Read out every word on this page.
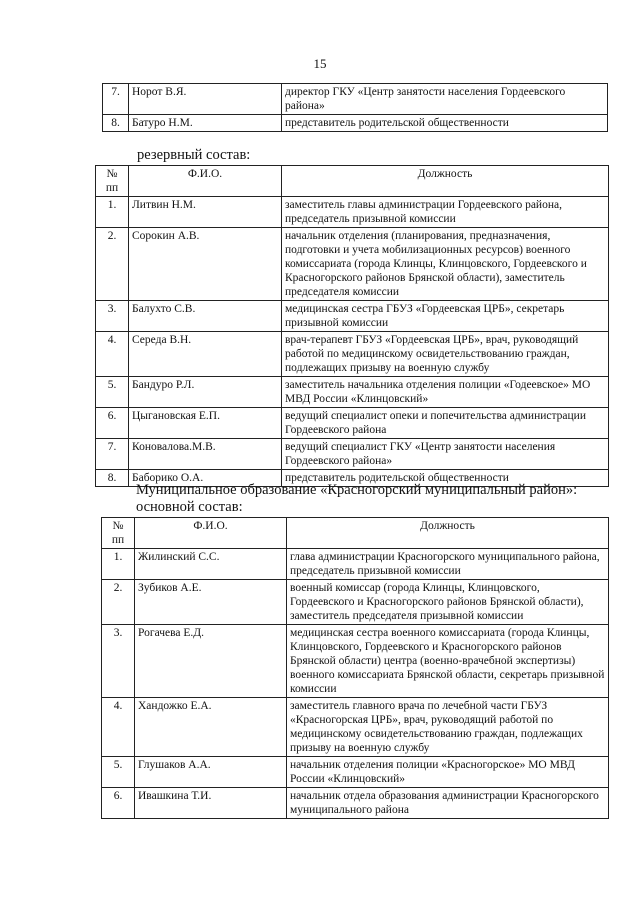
15
7.	Норот В.Я.	директор ГКУ «Центр занятости населения Гордеевского района»
8.	Батуро Н.М.	представитель родительской общественности
резервный состав:
№ пп	Ф.И.О.	Должность
1.	Литвин Н.М.	заместитель главы администрации Гордеевского района, председатель призывной комиссии
2.	Сорокин А.В.	начальник отделения (планирования, предназначения, подготовки и учета мобилизационных ресурсов) военного комиссариата (города Клинцы, Клинцовского, Гордеевского и Красногорского районов Брянской области), заместитель председателя комиссии
3.	Балухто С.В.	медицинская сестра ГБУЗ «Гордеевская ЦРБ», секретарь призывной комиссии
4.	Середа В.Н.	врач-терапевт ГБУЗ «Гордеевская ЦРБ», врач, руководящий работой по медицинскому освидетельствованию граждан, подлежащих призыву на военную службу
5.	Бандуро Р.Л.	заместитель начальника отделения полиции «Годеевское» МО МВД России «Клинцовский»
6.	Цыгановская Е.П.	ведущий специалист опеки и попечительства администрации Гордеевского района
7.	Коновалова.М.В.	ведущий специалист ГКУ «Центр занятости населения Гордеевского района»
8.	Баборико О.А.	представитель родительской общественности
Муниципальное образование «Красногорский муниципальный район»:
основной состав:
№ пп	Ф.И.О.	Должность
1.	Жилинский С.С.	глава администрации Красногорского муниципального района, председатель призывной комиссии
2.	Зубиков А.Е.	военный комиссар (города Клинцы, Клинцовского, Гордеевского и Красногорского районов Брянской области), заместитель председателя призывной комиссии
3.	Рогачева Е.Д.	медицинская сестра военного комиссариата (города Клинцы, Клинцовского, Гордеевского и Красногорского районов Брянской области) центра (военно-врачебной экспертизы) военного комиссариата Брянской области, секретарь призывной комиссии
4.	Хандожко Е.А.	заместитель главного врача по лечебной части ГБУЗ «Красногорская ЦРБ», врач, руководящий работой по медицинскому освидетельствованию граждан, подлежащих призыву на военную службу
5.	Глушаков А.А.	начальник отделения полиции «Красногорское» МО МВД России «Клинцовский»
6.	Ивашкина Т.И.	начальник отдела образования администрации Красногорского муниципального района
